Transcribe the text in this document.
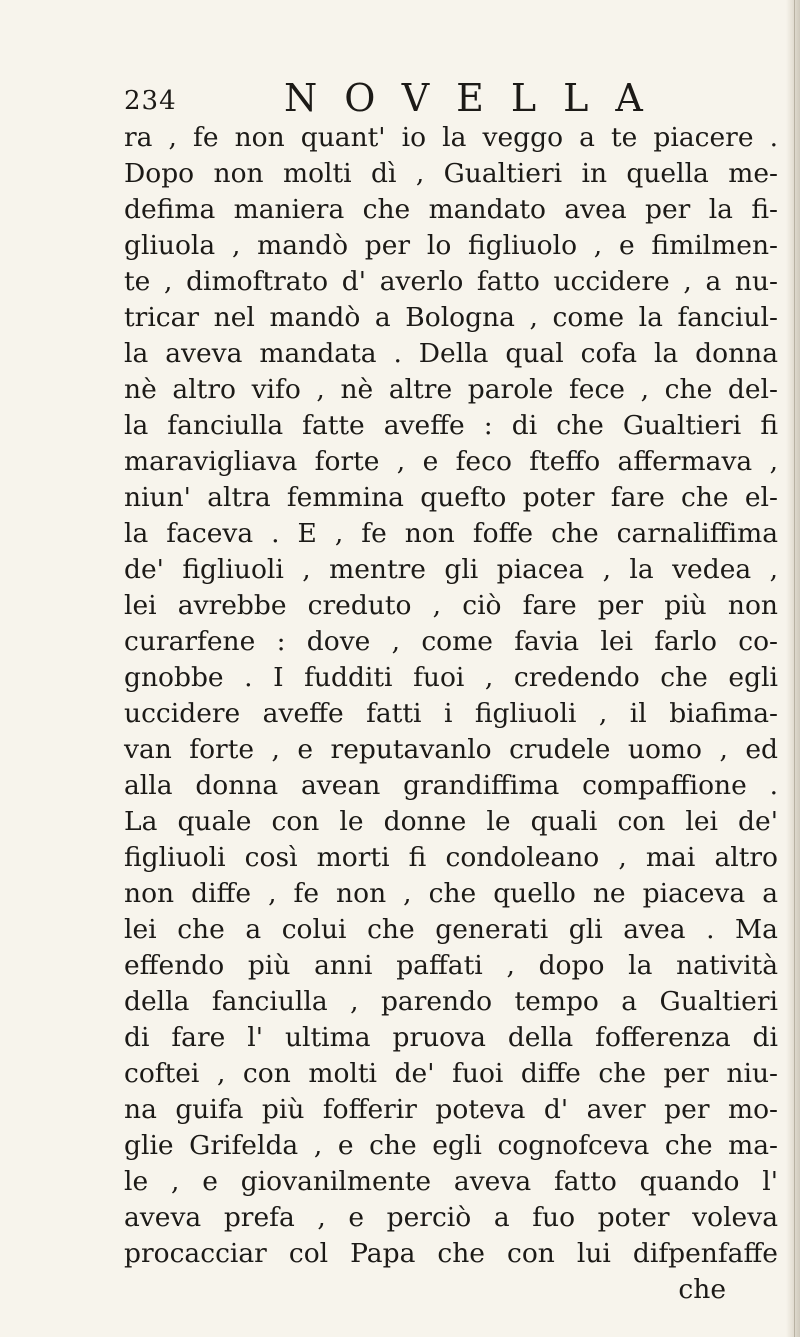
234	NOVELLA
ra , fe non quant' io la veggo a te piacere .
Dopo non molti dì , Gualtieri in quella me-
defima maniera che mandato avea per la fi-
gliuola , mandò per lo figliuolo , e fimilmen-
te , dimoftrato d' averlo fatto uccidere , a nu-
tricar nel mandò a Bologna , come la fanciul-
la aveva mandata . Della qual cofa la donna
nè altro vifo , nè altre parole fece , che del-
la fanciulla fatte aveffe : di che Gualtieri fi
maravigliava forte , e feco fteffo affermava ,
niun' altra femmina quefto poter fare che el-
la faceva . E , fe non foffe che carnaliffima
de' figliuoli , mentre gli piacea , la vedea ,
lei avrebbe creduto , ciò fare per più non
curarfene : dove , come favia lei farlo co-
gnobbe . I fudditi fuoi , credendo che egli
uccidere aveffe fatti i figliuoli , il biafima-
van forte , e reputavanlo crudele uomo , ed
alla donna avean grandiffima compaffione .
La quale con le donne le quali con lei de'
figliuoli così morti fi condoleano , mai altro
non diffe , fe non , che quello ne piaceva a
lei che a colui che generati gli avea . Ma
effendo più anni paffati , dopo la natività
della fanciulla , parendo tempo a Gualtieri
di fare l' ultima pruova della fofferenza di
coftei , con molti de' fuoi diffe che per niu-
na guifa più fofferir poteva d' aver per mo-
glie Grifelda , e che egli cognofceva che ma-
le , e giovanilmente aveva fatto quando l'
aveva prefa , e perciò a fuo poter voleva
procacciar col Papa che con lui difpenfaffe
che
